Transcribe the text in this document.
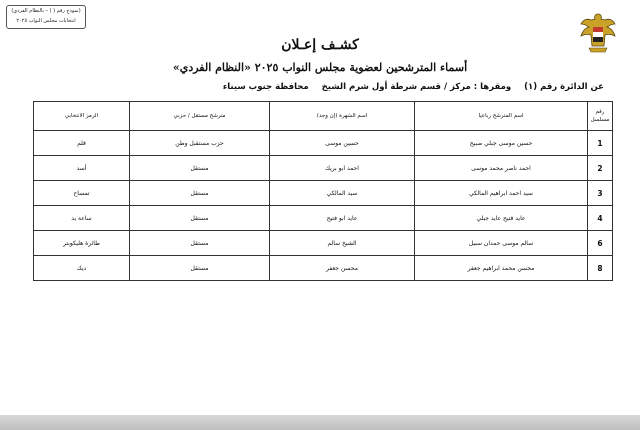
(نموذج رقم ( ) – بالنظام الفردي)
انتخابات مجلس النواب ٢٠٢٥
كشـف إعـلان
أسماء المترشحين لعضوية مجلس النواب ٢٠٢٥ «النظام الفردي»
عن الدائرة رقم (١) ومقرها : مركز / قسم شرطة أول شرم الشيخ محافظة جنوب سيناء
رقم مسلسل	اسم المترشح رباعيا	اسم الشهرة (إن وجد)	مترشح مستقل / حزبي	الرمز الانتخابي
1	حسين موسى جبلي صبيح	حسين موسى	حزب مستقبل وطن	قلم
2	احمد ناصر محمد موسى	احمد ابو بريك	مستقل	أسد
3	سيد احمد ابراهيم المالكي	سيد المالكي	مستقل	تمساح
4	عايد فتيح عايد جبلي	عايد ابو فتيح	مستقل	ساعة يد
6	سالم موسى حمدان سبيل	الشيخ سالم	مستقل	طائرة هليكوبتر
8	محسن محمد ابراهيم جعفر	محسن جعفر	مستقل	ديك
